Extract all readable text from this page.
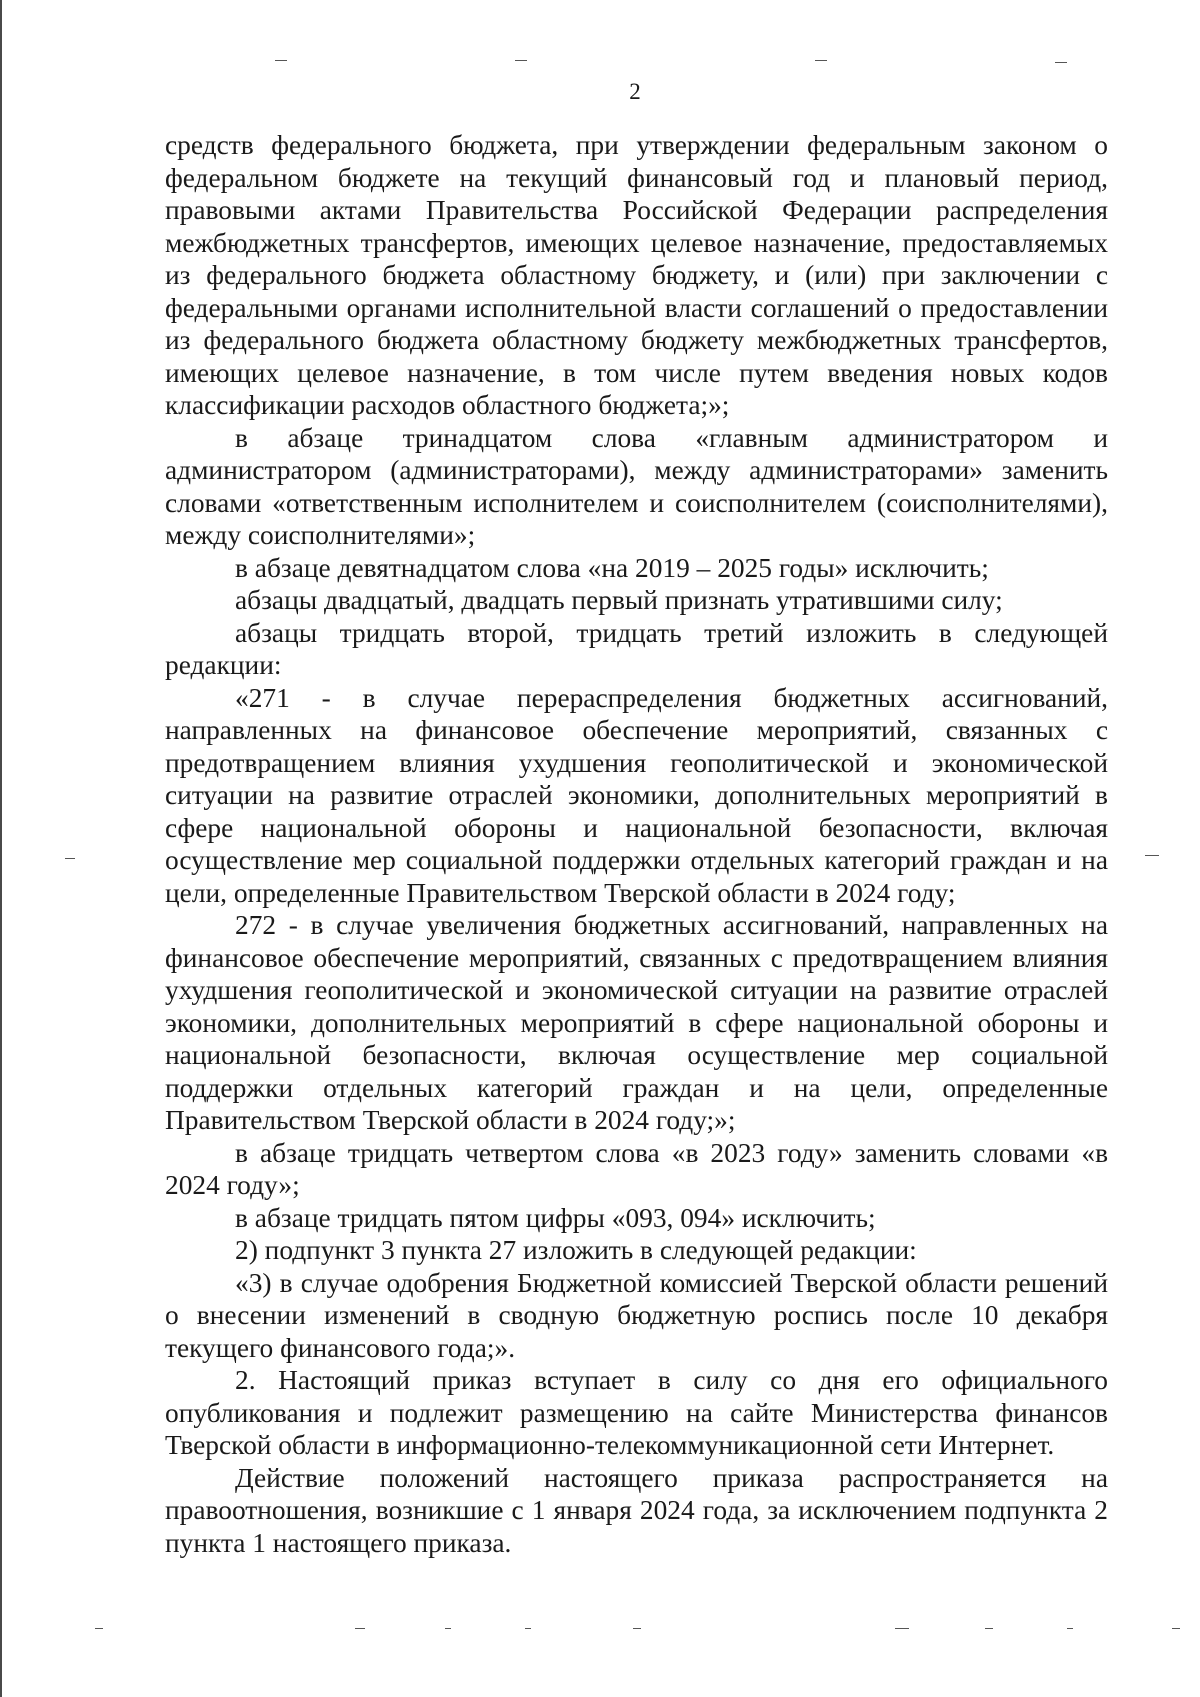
2

средств федерального бюджета, при утверждении федеральным законом о федеральном бюджете на текущий финансовый год и плановый период, правовыми актами Правительства Российской Федерации распределения межбюджетных трансфертов, имеющих целевое назначение, предоставляемых из федерального бюджета областному бюджету, и (или) при заключении с федеральными органами исполнительной власти соглашений о предоставлении из федерального бюджета областному бюджету межбюджетных трансфертов, имеющих целевое назначение, в том числе путем введения новых кодов классификации расходов областного бюджета;»;

в абзаце тринадцатом слова «главным администратором и администратором (администраторами), между администраторами» заменить словами «ответственным исполнителем и соисполнителем (соисполнителями), между соисполнителями»;

в абзаце девятнадцатом слова «на 2019 – 2025 годы» исключить;

абзацы двадцатый, двадцать первый признать утратившими силу;

абзацы тридцать второй, тридцать третий изложить в следующей редакции:

«271 - в случае перераспределения бюджетных ассигнований, направленных на финансовое обеспечение мероприятий, связанных с предотвращением влияния ухудшения геополитической и экономической ситуации на развитие отраслей экономики, дополнительных мероприятий в сфере национальной обороны и национальной безопасности, включая осуществление мер социальной поддержки отдельных категорий граждан и на цели, определенные Правительством Тверской области в 2024 году;

272 - в случае увеличения бюджетных ассигнований, направленных на финансовое обеспечение мероприятий, связанных с предотвращением влияния ухудшения геополитической и экономической ситуации на развитие отраслей экономики, дополнительных мероприятий в сфере национальной обороны и национальной безопасности, включая осуществление мер социальной поддержки отдельных категорий граждан и на цели, определенные Правительством Тверской области в 2024 году;»;

в абзаце тридцать четвертом слова «в 2023 году» заменить словами «в 2024 году»;

в абзаце тридцать пятом цифры «093, 094» исключить;

2) подпункт 3 пункта 27 изложить в следующей редакции:

«3) в случае одобрения Бюджетной комиссией Тверской области решений о внесении изменений в сводную бюджетную роспись после 10 декабря текущего финансового года;».

2. Настоящий приказ вступает в силу со дня его официального опубликования и подлежит размещению на сайте Министерства финансов Тверской области в информационно-телекоммуникационной сети Интернет.

Действие положений настоящего приказа распространяется на правоотношения, возникшие с 1 января 2024 года, за исключением подпункта 2 пункта 1 настоящего приказа.
